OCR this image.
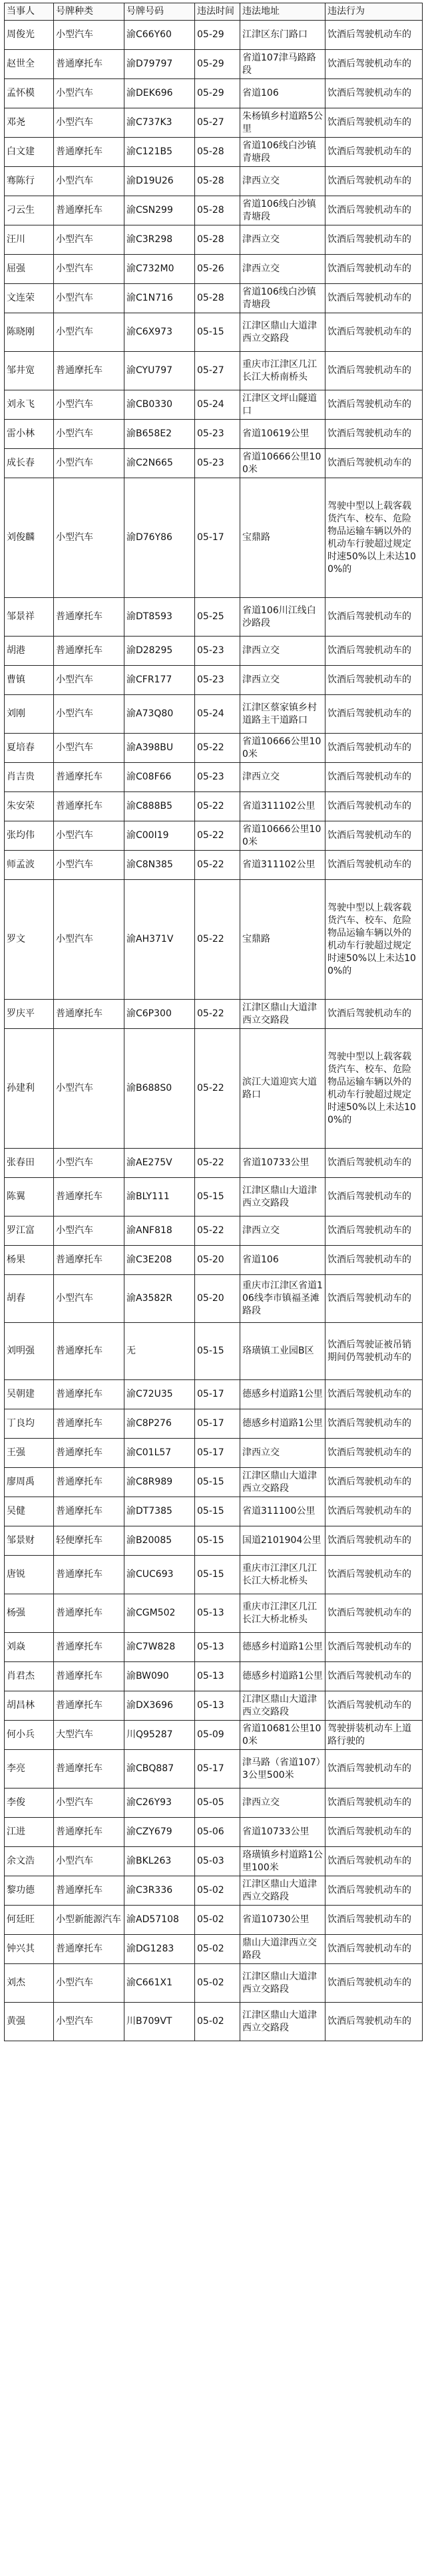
当事人	号牌种类	号牌号码	违法时间	违法地址	违法行为
周俊光	小型汽车	渝C66Y60	05-29	江津区东门路口	饮酒后驾驶机动车的
赵世全	普通摩托车	渝D79797	05-29	省道107津马路路段	饮酒后驾驶机动车的
孟怀模	小型汽车	渝DEK696	05-29	省道106	饮酒后驾驶机动车的
邓尧	小型汽车	渝C737K3	05-27	朱杨镇乡村道路5公里	饮酒后驾驶机动车的
白文建	普通摩托车	渝C121B5	05-28	省道106线白沙镇青塘段	饮酒后驾驶机动车的
骞陈行	小型汽车	渝D19U26	05-28	津西立交	饮酒后驾驶机动车的
刁云生	普通摩托车	渝CSN299	05-28	省道106线白沙镇青塘段	饮酒后驾驶机动车的
汪川	小型汽车	渝C3R298	05-28	津西立交	饮酒后驾驶机动车的
屈强	小型汽车	渝C732M0	05-26	津西立交	饮酒后驾驶机动车的
文连荣	小型汽车	渝C1N716	05-28	省道106线白沙镇青塘段	饮酒后驾驶机动车的
陈晓刚	小型汽车	渝C6X973	05-15	江津区鼎山大道津西立交路段	饮酒后驾驶机动车的
邹井宽	普通摩托车	渝CYU797	05-27	重庆市江津区几江长江大桥南桥头	饮酒后驾驶机动车的
刘永飞	小型汽车	渝CB0330	05-24	江津区文坪山隧道口	饮酒后驾驶机动车的
雷小林	小型汽车	渝B658E2	05-23	省道10619公里	饮酒后驾驶机动车的
成长春	小型汽车	渝C2N665	05-23	省道10666公里100米	饮酒后驾驶机动车的
刘俊麟	小型汽车	渝D76Y86	05-17	宝鼎路	驾驶中型以上载客载货汽车、校车、危险物品运输车辆以外的机动车行驶超过规定时速50%以上未达100%的
邹景祥	普通摩托车	渝DT8593	05-25	省道106川江线白沙路段	饮酒后驾驶机动车的
胡港	普通摩托车	渝D28295	05-23	津西立交	饮酒后驾驶机动车的
曹镇	小型汽车	渝CFR177	05-23	津西立交	饮酒后驾驶机动车的
刘刚	小型汽车	渝A73Q80	05-24	江津区蔡家镇乡村道路主干道路口	饮酒后驾驶机动车的
夏培春	小型汽车	渝A398BU	05-22	省道10666公里100米	饮酒后驾驶机动车的
肖吉贵	普通摩托车	渝C08F66	05-23	津西立交	饮酒后驾驶机动车的
朱安荣	普通摩托车	渝C888B5	05-22	省道311102公里	饮酒后驾驶机动车的
张均伟	小型汽车	渝C00I19	05-22	省道10666公里100米	饮酒后驾驶机动车的
师孟波	小型汽车	渝C8N385	05-22	省道311102公里	饮酒后驾驶机动车的
罗文	小型汽车	渝AH371V	05-22	宝鼎路	驾驶中型以上载客载货汽车、校车、危险物品运输车辆以外的机动车行驶超过规定时速50%以上未达100%的
罗庆平	普通摩托车	渝C6P300	05-22	江津区鼎山大道津西立交路段	饮酒后驾驶机动车的
孙建利	小型汽车	渝B688S0	05-22	滨江大道迎宾大道路口	驾驶中型以上载客载货汽车、校车、危险物品运输车辆以外的机动车行驶超过规定时速50%以上未达100%的
张春田	小型汽车	渝AE275V	05-22	省道10733公里	饮酒后驾驶机动车的
陈翼	普通摩托车	渝BLY111	05-15	江津区鼎山大道津西立交路段	饮酒后驾驶机动车的
罗江富	小型汽车	渝ANF818	05-22	津西立交	饮酒后驾驶机动车的
杨果	普通摩托车	渝C3E208	05-20	省道106	饮酒后驾驶机动车的
胡春	小型汽车	渝A3582R	05-20	重庆市江津区省道106线李市镇福圣滩路段	饮酒后驾驶机动车的
刘明强	普通摩托车	无	05-15	珞璜镇工业园B区	饮酒后驾驶证被吊销期间仍驾驶机动车的
吴朝建	普通摩托车	渝C72U35	05-17	德感乡村道路1公里	饮酒后驾驶机动车的
丁良均	普通摩托车	渝C8P276	05-17	德感乡村道路1公里	饮酒后驾驶机动车的
王强	普通摩托车	渝C01L57	05-17	津西立交	饮酒后驾驶机动车的
廖周禹	普通摩托车	渝C8R989	05-15	江津区鼎山大道津西立交路段	饮酒后驾驶机动车的
吴健	普通摩托车	渝DT7385	05-15	省道311100公里	饮酒后驾驶机动车的
邹景财	轻便摩托车	渝B20085	05-15	国道2101904公里	饮酒后驾驶机动车的
唐锐	普通摩托车	渝CUC693	05-15	重庆市江津区几江长江大桥北桥头	饮酒后驾驶机动车的
杨强	普通摩托车	渝CGM502	05-13	重庆市江津区几江长江大桥北桥头	饮酒后驾驶机动车的
刘焱	普通摩托车	渝C7W828	05-13	德感乡村道路1公里	饮酒后驾驶机动车的
肖君杰	普通摩托车	渝BW090	05-13	德感乡村道路1公里	饮酒后驾驶机动车的
胡昌林	普通摩托车	渝DX3696	05-13	江津区鼎山大道津西立交路段	饮酒后驾驶机动车的
何小兵	大型汽车	川Q95287	05-09	省道10681公里100米	驾驶拼装机动车上道路行驶的
李亮	普通摩托车	渝CBQ887	05-17	津马路（省道107）3公里500米	饮酒后驾驶机动车的
李俊	小型汽车	渝C26Y93	05-05	津西立交	饮酒后驾驶机动车的
江进	普通摩托车	渝CZY679	05-06	省道10733公里	饮酒后驾驶机动车的
余文浩	小型汽车	渝BKL263	05-03	珞璜镇乡村道路1公里100米	饮酒后驾驶机动车的
黎功德	普通摩托车	渝C3R336	05-02	江津区鼎山大道津西立交路段	饮酒后驾驶机动车的
何廷旺	小型新能源汽车	渝AD57108	05-02	省道10730公里	饮酒后驾驶机动车的
钟兴其	普通摩托车	渝DG1283	05-02	鼎山大道津西立交路段	饮酒后驾驶机动车的
刘杰	小型汽车	渝C661X1	05-02	江津区鼎山大道津西立交路段	饮酒后驾驶机动车的
黄强	小型汽车	川B709VT	05-02	江津区鼎山大道津西立交路段	饮酒后驾驶机动车的
